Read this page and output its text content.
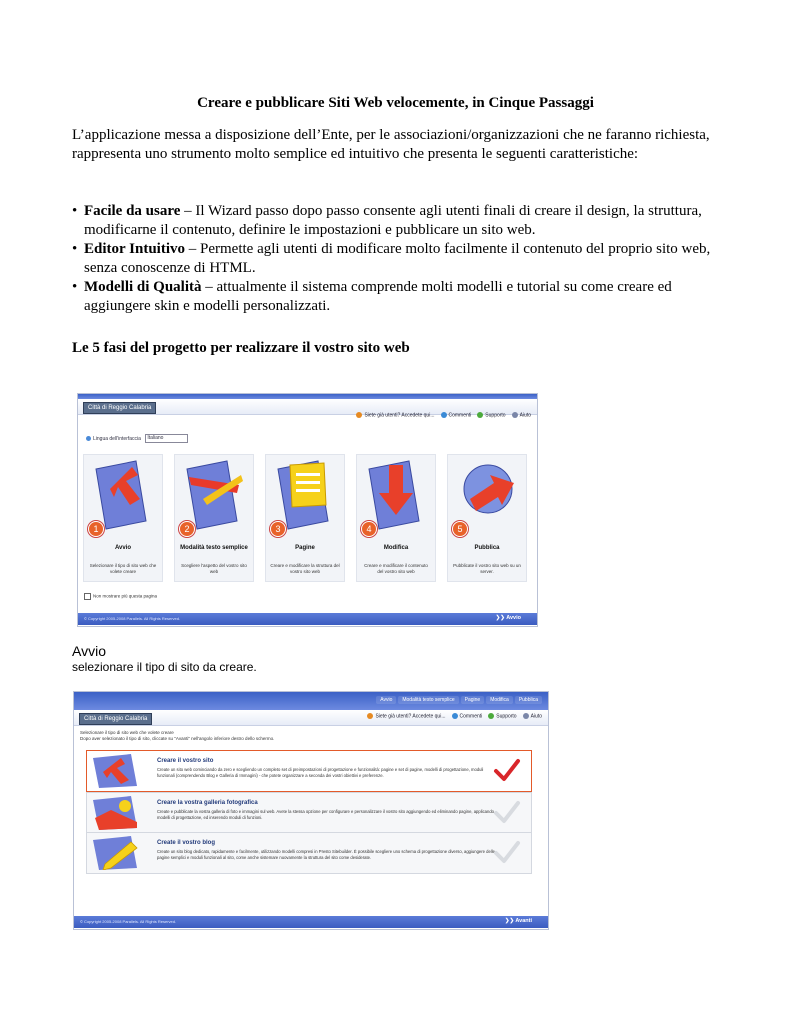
Creare e pubblicare Siti Web velocemente, in Cinque Passaggi

L’applicazione messa a disposizione dell’Ente, per le associazioni/organizzazioni che ne faranno richiesta, rappresenta uno strumento molto semplice ed intuitivo che presenta le seguenti caratteristiche:

• Facile da usare – Il Wizard passo dopo passo consente agli utenti finali di creare il design, la struttura, modificarne il contenuto, definire le impostazioni e pubblicare un sito web.
• Editor Intuitivo – Permette agli utenti di modificare molto facilmente il contenuto del proprio sito web, senza conoscenze di HTML.
• Modelli di Qualità – attualmente il sistema comprende molti modelli e tutorial su come creare ed aggiungere skin e modelli personalizzati.
Le 5 fasi del progetto per realizzare il vostro sito web
Città di Reggio Calabria
Siete già utenti? Accedete qui...	Commenti	Supporto	Aiuto
Lingua dell'interfaccia Italiano
1
Avvio
Selezionare il tipo di sito web che volete creare
2
Modalità testo semplice
Scegliere l'aspetto del vostro sito web
3
Pagine
Creare e modificare la struttura del vostro sito web
4
Modifica
Creare e modificare il contenuto del vostro sito web
5
Pubblica
Pubblicate il vostro sito web su un server.
Non mostrare più questa pagina
© Copyright 2005-2008 Parallels. All Rights Reserved.	❯❯ Avvio
Avvio

selezionare il tipo di sito da creare.

Avvio	Modalità testo semplice	Pagine	Modifica	Pubblica
Città di Reggio Calabria	Siete già utenti? Accedete qui...	Commenti	Supporto	Aiuto
Selezionare il tipo di sito web che volete creare
Dopo aver selezionato il tipo di sito, cliccate su "Avanti" nell'angolo inferiore destro dello schermo.
Creare il vostro sito
Create un sito web cominciando da zero e scegliendo un completo set di preimpostazioni di progettazione e funzionalità: pagine e set di pagine, modelli di progettazione, moduli funzionali (comprendendo Blog e Galleria di Immagini) - che potete organizzare a seconda dei vostri obiettivi e preferenze.
Creare la vostra galleria fotografica
Create e pubblicate la vostra galleria di foto e immagini sul web. Avete la stessa opzione per configurare e personalizzare il vostro sito aggiungendo ed eliminando pagine, applicando modelli di progettazione, ed inserendo moduli di funzioni.
Create il vostro blog
Create un sito blog dedicato, rapidamente e facilmente, utilizzando modelli compresi in Presto Sitebuilder. È possibile scegliere uno schema di progettazione diverso, aggiungere delle pagine semplici e moduli funzionali al sito, come anche sistemare nuovamente la struttura del sito come desiderate.
© Copyright 2005-2008 Parallels. All Rights Reserved.	❯❯ Avanti
